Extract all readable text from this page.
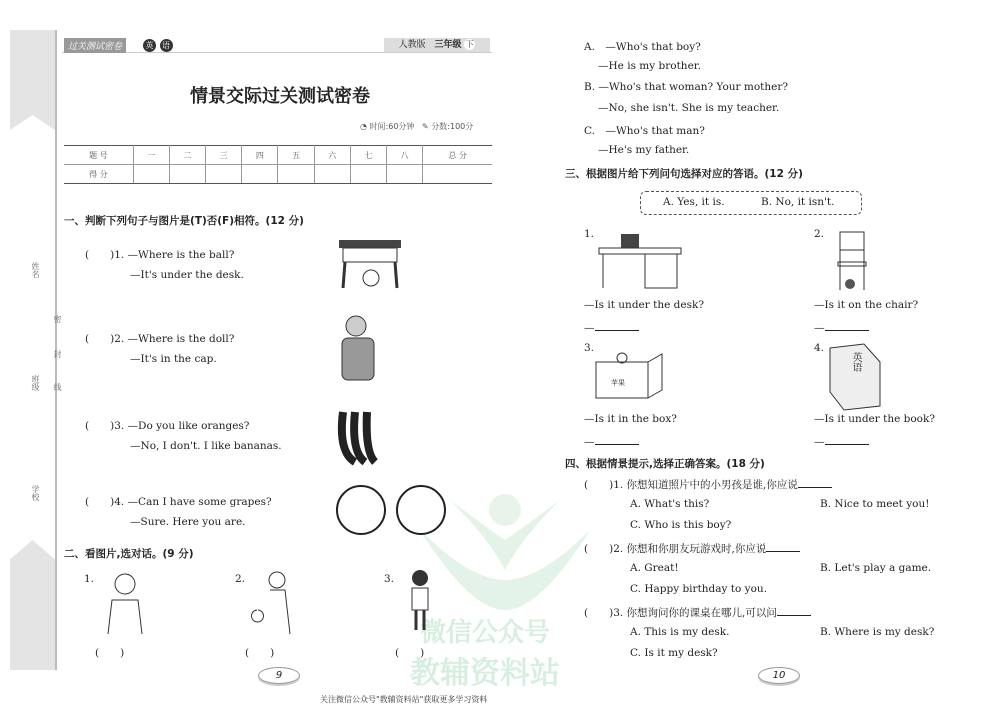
微信公众号
教辅资料站
姓名
班级
学校
密
封
线
过关测试密卷	英 语	人教版 三年级 下
情景交际过关测试密卷
◔ 时间:60分钟 ✎ 分数:100分
题 号	一	二	三	四	五	六	七	八	总 分
得 分									
一、判断下列句子与图片是(T)否(F)相符。(12 分)
(　　)1. —Where is the ball?
—It's under the desk.
(　　)2. —Where is the doll?
—It's in the cap.
(　　)3. —Do you like oranges?
—No, I don't. I like bananas.
(　　)4. —Can I have some grapes?
—Sure. Here you are.
二、看图片,选对话。(9 分)
1.
(　　)
2.
(　　)
3.
(　　)
A.　—Who's that boy?
—He is my brother.
B. —Who's that woman? Your mother?
—No, she isn't. She is my teacher.
C.　—Who's that man?
—He's my father.
三、根据图片给下列问句选择对应的答语。(12 分)
A. Yes, it is.	B. No, it isn't.
1.
—Is it under the desk?
—
2.
—Is it on the chair?
—
3.
—Is it in the box?
—
4.
—Is it under the book?
—
苹果
英语
四、根据情景提示,选择正确答案。(18 分)
(　　)1. 你想知道照片中的小男孩是谁,你应说
A. What's this?	B. Nice to meet you!
C. Who is this boy?
(　　)2. 你想和你朋友玩游戏时,你应说
A. Great!	B. Let's play a game.
C. Happy birthday to you.
(　　)3. 你想询问你的课桌在哪儿,可以问
A. This is my desk.	B. Where is my desk?
C. Is it my desk?
9	10
关注微信公众号"教辅资料站"获取更多学习资料
